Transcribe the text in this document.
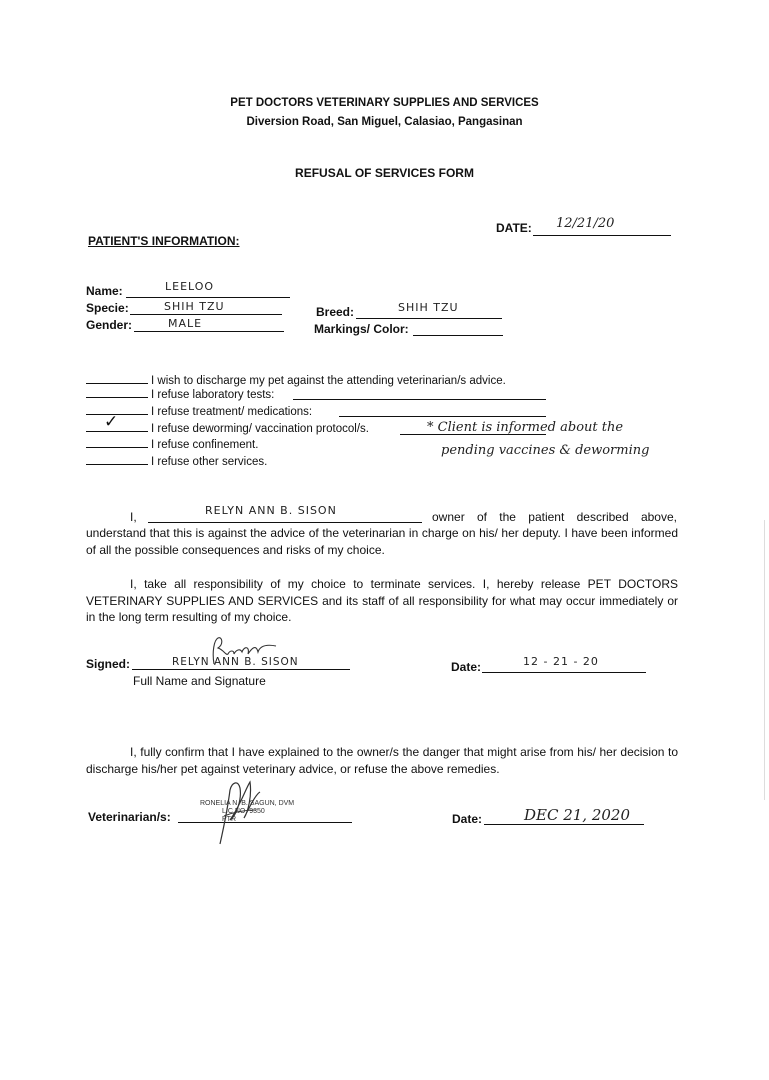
PET DOCTORS VETERINARY SUPPLIES AND SERVICES
Diversion Road, San Miguel, Calasiao, Pangasinan
REFUSAL OF SERVICES FORM
DATE: 12/21/20
PATIENT'S INFORMATION:
Name:	LEELOO
Specie:	SHIH TZU
Gender:	MALE
Breed:	SHIH TZU
Markings/ Color:
I wish to discharge my pet against the attending veterinarian/s advice.
I refuse laboratory tests:
I refuse treatment/ medications:
I refuse deworming/ vaccination protocol/s.
✓
I refuse confinement.
I refuse other services.
* Client is informed about the
pending vaccines & deworming
I,	RELYN ANN B. SISON	owner of the patient described above,
understand that this is against the advice of the veterinarian in charge on his/ her deputy. I have been informed of all the possible consequences and risks of my choice.
I, take all responsibility of my choice to terminate services. I, hereby release PET DOCTORS VETERINARY SUPPLIES AND SERVICES and its staff of all responsibility for what may occur immediately or in the long term resulting of my choice.
Signed:	RELYN ANN B. SISON
Full Name and Signature
Date:	12 - 21 - 20
I, fully confirm that I have explained to the owner/s the danger that might arise from his/ her decision to discharge his/her pet against veterinary advice, or refuse the above remedies.
Veterinarian/s:
RONELIA N. B. SAGUN, DVM
LIC NO. 9350
PTR	Date:	DEC 21, 2020
